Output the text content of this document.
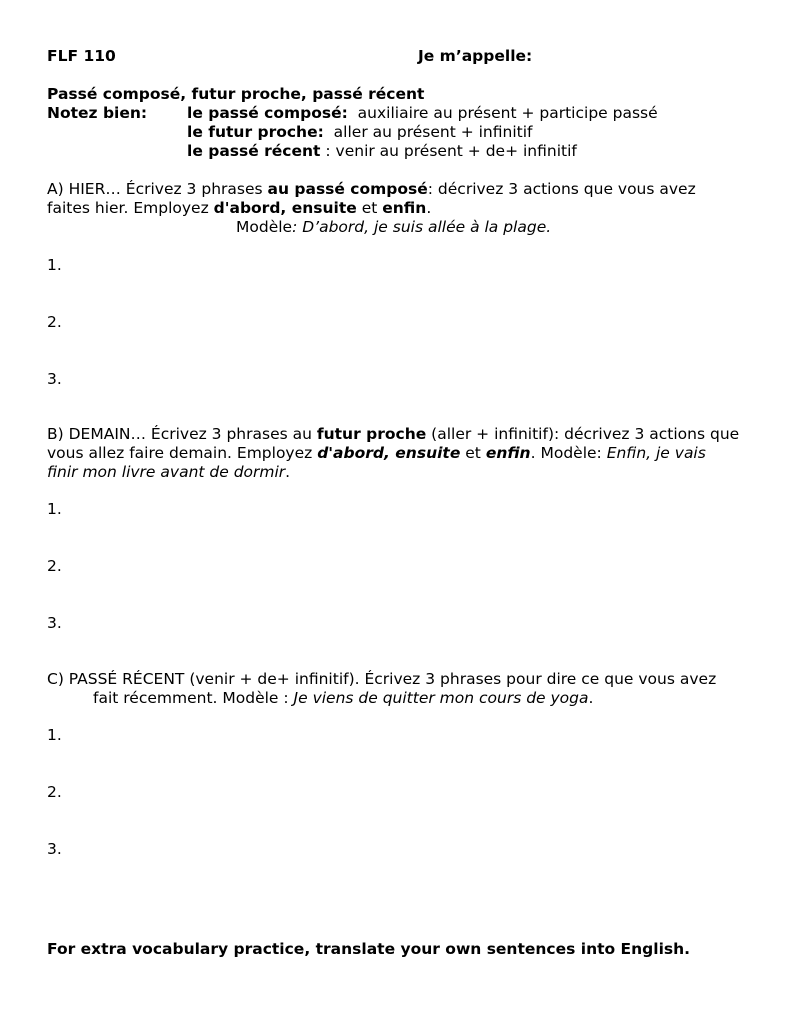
FLF 110	Je m’appelle:
Passé composé, futur proche, passé récent
Notez bien:	le passé composé: auxiliaire au présent + participe passé
le futur proche: aller au présent + infinitif
le passé récent : venir au présent + de+ infinitif
A) HIER… Écrivez 3 phrases au passé composé: décrivez 3 actions que vous avez
faites hier. Employez d'abord, ensuite et enfin.
Modèle: D’abord, je suis allée à la plage.
1.
2.
3.
B) DEMAIN… Écrivez 3 phrases au futur proche (aller + infinitif): décrivez 3 actions que
vous allez faire demain. Employez d'abord, ensuite et enfin. Modèle: Enfin, je vais
finir mon livre avant de dormir.
1.
2.
3.
C) PASSÉ RÉCENT (venir + de+ infinitif). Écrivez 3 phrases pour dire ce que vous avez
fait récemment. Modèle : Je viens de quitter mon cours de yoga.
1.
2.
3.
For extra vocabulary practice, translate your own sentences into English.
